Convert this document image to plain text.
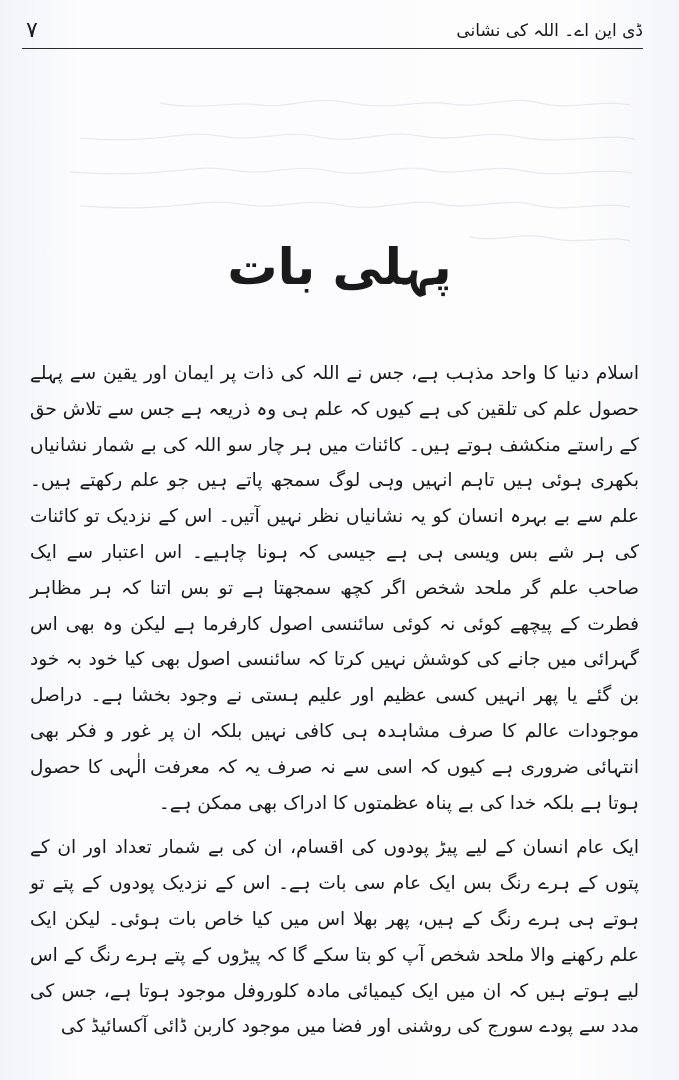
۷	ڈی این اے۔ اللہ کی نشانی
پہلی بات

اسلام دنیا کا واحد مذہب ہے، جس نے اللہ کی ذات پر ایمان اور یقین سے پہلے حصول علم کی تلقین کی ہے کیوں کہ علم ہی وہ ذریعہ ہے جس سے تلاش حق کے راستے منکشف ہوتے ہیں۔ کائنات میں ہر چار سو اللہ کی بے شمار نشانیاں بکھری ہوئی ہیں تاہم انہیں وہی لوگ سمجھ پاتے ہیں جو علم رکھتے ہیں۔ علم سے بے بہرہ انسان کو یہ نشانیاں نظر نہیں آتیں۔ اس کے نزدیک تو کائنات کی ہر شے بس ویسی ہی ہے جیسی کہ ہونا چاہیے۔ اس اعتبار سے ایک صاحب علم گر ملحد شخص اگر کچھ سمجھتا ہے تو بس اتنا کہ ہر مظاہر فطرت کے پیچھے کوئی نہ کوئی سائنسی اصول کارفرما ہے لیکن وہ بھی اس گہرائی میں جانے کی کوشش نہیں کرتا کہ سائنسی اصول بھی کیا خود بہ خود بن گئے یا پھر انہیں کسی عظیم اور علیم ہستی نے وجود بخشا ہے۔ دراصل موجودات عالم کا صرف مشاہدہ ہی کافی نہیں بلکہ ان پر غور و فکر بھی انتہائی ضروری ہے کیوں کہ اسی سے نہ صرف یہ کہ معرفت الٰہی کا حصول ہوتا ہے بلکہ خدا کی بے پناہ عظمتوں کا ادراک بھی ممکن ہے۔

ایک عام انسان کے لیے پیڑ پودوں کی اقسام، ان کی بے شمار تعداد اور ان کے پتوں کے ہرے رنگ بس ایک عام سی بات ہے۔ اس کے نزدیک پودوں کے پتے تو ہوتے ہی ہرے رنگ کے ہیں، پھر بھلا اس میں کیا خاص بات ہوئی۔ لیکن ایک علم رکھنے والا ملحد شخص آپ کو بتا سکے گا کہ پیڑوں کے پتے ہرے رنگ کے اس لیے ہوتے ہیں کہ ان میں ایک کیمیائی مادہ کلوروفل موجود ہوتا ہے، جس کی مدد سے پودے سورج کی روشنی اور فضا میں موجود کاربن ڈائی آکسائیڈ کی
